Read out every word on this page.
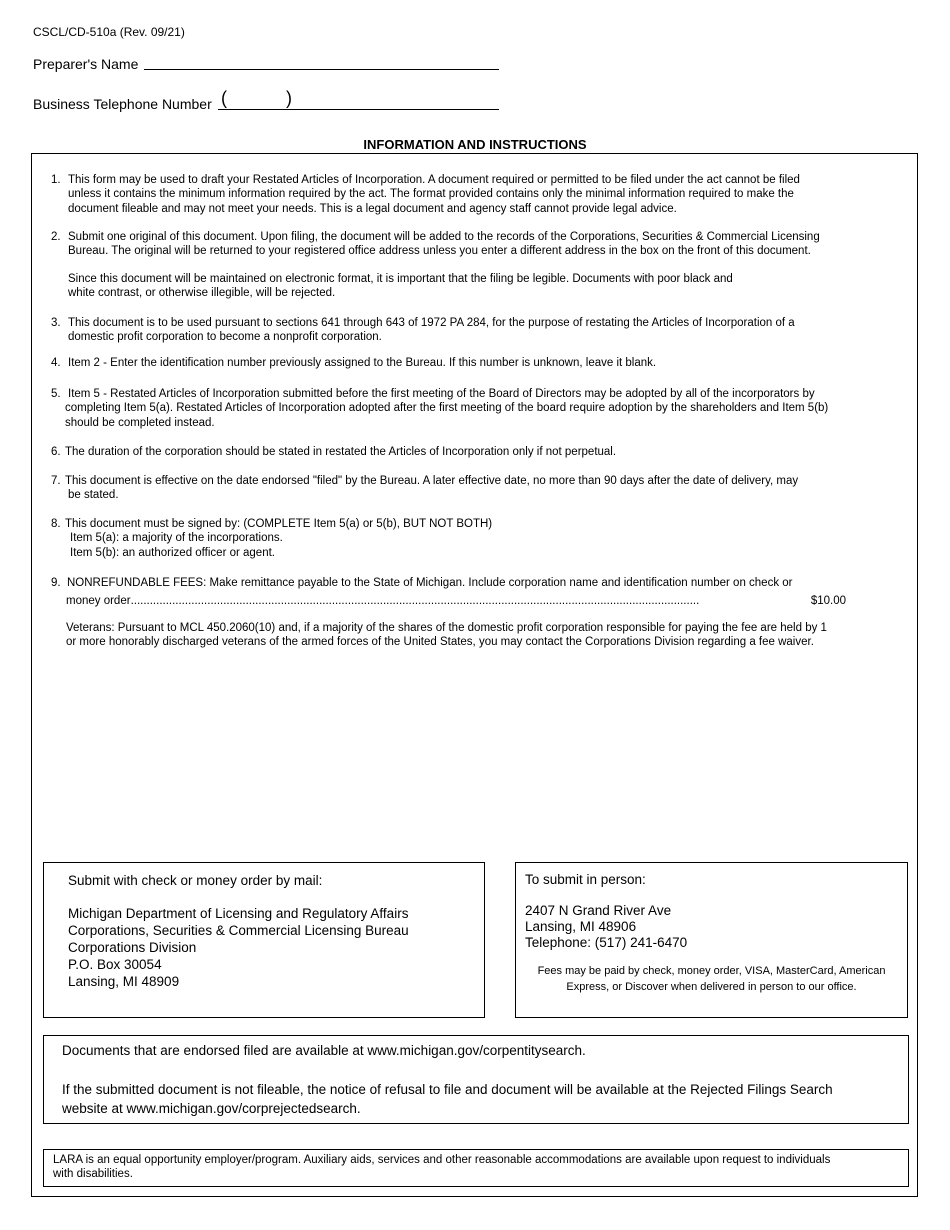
CSCL/CD-510a (Rev. 09/21)
Preparer's Name
Business Telephone Number (	)
INFORMATION AND INSTRUCTIONS
1. This form may be used to draft your Restated Articles of Incorporation. A document required or permitted to be filed under the act cannot be filed
unless it contains the minimum information required by the act. The format provided contains only the minimal information required to make the
document fileable and may not meet your needs. This is a legal document and agency staff cannot provide legal advice.
2. Submit one original of this document. Upon filing, the document will be added to the records of the Corporations, Securities & Commercial Licensing
Bureau. The original will be returned to your registered office address unless you enter a different address in the box on the front of this document.
Since this document will be maintained on electronic format, it is important that the filing be legible. Documents with poor black and
white contrast, or otherwise illegible, will be rejected.
3. This document is to be used pursuant to sections 641 through 643 of 1972 PA 284, for the purpose of restating the Articles of Incorporation of a
domestic profit corporation to become a nonprofit corporation.
4. Item 2 - Enter the identification number previously assigned to the Bureau. If this number is unknown, leave it blank.
5. Item 5 - Restated Articles of Incorporation submitted before the first meeting of the Board of Directors may be adopted by all of the incorporators by
completing Item 5(a). Restated Articles of Incorporation adopted after the first meeting of the board require adoption by the shareholders and Item 5(b)
should be completed instead.
6. The duration of the corporation should be stated in restated the Articles of Incorporation only if not perpetual.
7. This document is effective on the date endorsed "filed" by the Bureau. A later effective date, no more than 90 days after the date of delivery, may
be stated.
8. This document must be signed by: (COMPLETE Item 5(a) or 5(b), BUT NOT BOTH)
Item 5(a): a majority of the incorporations.
Item 5(b): an authorized officer or agent.
9. NONREFUNDABLE FEES: Make remittance payable to the State of Michigan. Include corporation name and identification number on check or
money order ..................................................................................................................................................................................	$10.00
Veterans: Pursuant to MCL 450.2060(10) and, if a majority of the shares of the domestic profit corporation responsible for paying the fee are held by 1
or more honorably discharged veterans of the armed forces of the United States, you may contact the Corporations Division regarding a fee waiver.
Submit with check or money order by mail:
Michigan Department of Licensing and Regulatory Affairs
Corporations, Securities & Commercial Licensing Bureau
Corporations Division
P.O. Box 30054
Lansing, MI 48909
To submit in person:
2407 N Grand River Ave
Lansing, MI 48906
Telephone: (517) 241-6470
Fees may be paid by check, money order, VISA, MasterCard, American
Express, or Discover when delivered in person to our office.
Documents that are endorsed filed are available at www.michigan.gov/corpentitysearch.
If the submitted document is not fileable, the notice of refusal to file and document will be available at the Rejected Filings Search
website at www.michigan.gov/corprejectedsearch.
LARA is an equal opportunity employer/program. Auxiliary aids, services and other reasonable accommodations are available upon request to individuals
with disabilities.
